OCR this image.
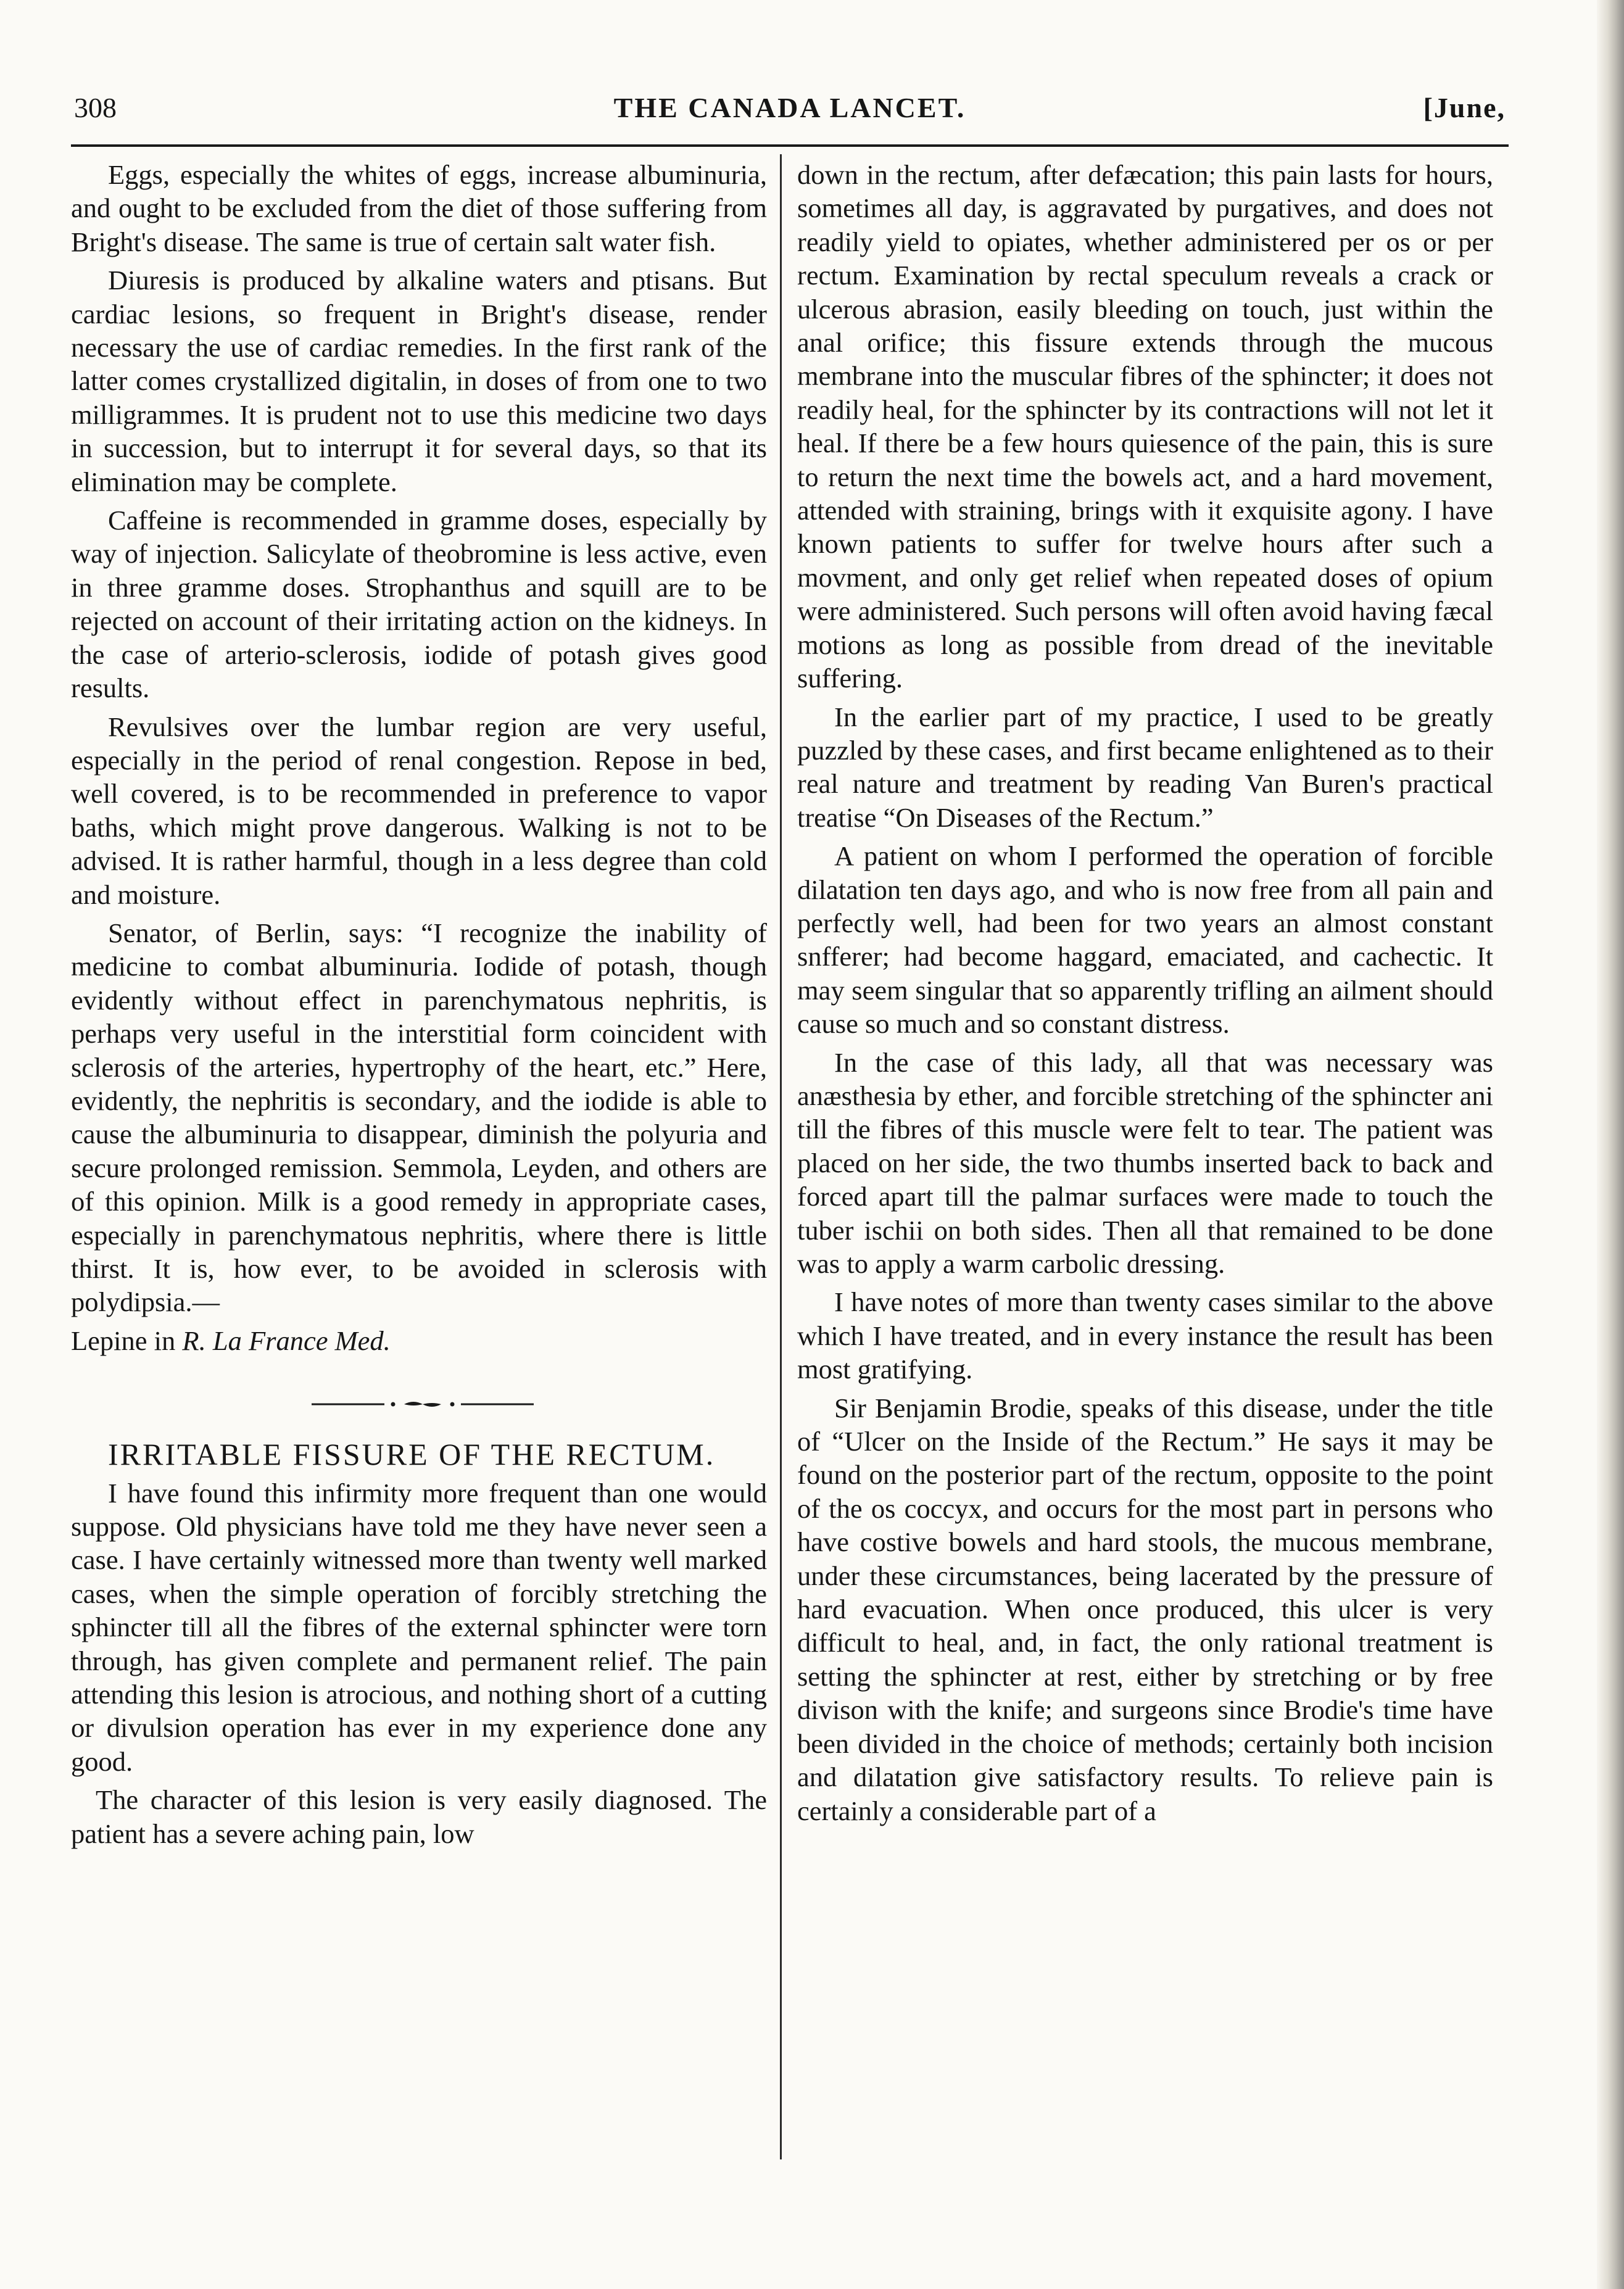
308	THE CANADA LANCET.	[June,

Eggs, especially the whites of eggs, increase albuminuria, and ought to be excluded from the diet of those suffering from Bright's disease. The same is true of certain salt water fish.

Diuresis is produced by alkaline waters and ptisans. But cardiac lesions, so frequent in Bright's disease, render necessary the use of cardiac remedies. In the first rank of the latter comes crystallized digitalin, in doses of from one to two milligrammes. It is prudent not to use this medicine two days in succession, but to interrupt it for several days, so that its elimination may be complete.

Caffeine is recommended in gramme doses, especially by way of injection. Salicylate of theobromine is less active, even in three gramme doses. Strophanthus and squill are to be rejected on account of their irritating action on the kidneys. In the case of arterio-sclerosis, iodide of potash gives good results.

Revulsives over the lumbar region are very useful, especially in the period of renal congestion. Repose in bed, well covered, is to be recommended in preference to vapor baths, which might prove dangerous. Walking is not to be advised. It is rather harmful, though in a less degree than cold and moisture.

Senator, of Berlin, says: “I recognize the inability of medicine to combat albuminuria. Iodide of potash, though evidently without effect in parenchymatous nephritis, is perhaps very useful in the interstitial form coincident with sclerosis of the arteries, hypertrophy of the heart, etc.” Here, evidently, the nephritis is secondary, and the iodide is able to cause the albuminuria to disappear, diminish the polyuria and secure prolonged remission. Semmola, Leyden, and others are of this opinion. Milk is a good remedy in appropriate cases, especially in parenchymatous nephritis, where there is little thirst. It is, how ever, to be avoided in sclerosis with polydipsia.—

Lepine in R. La France Med.

IRRITABLE FISSURE OF THE RECTUM.

I have found this infirmity more frequent than one would suppose. Old physicians have told me they have never seen a case. I have certainly witnessed more than twenty well marked cases, when the simple operation of forcibly stretching the sphincter till all the fibres of the external sphincter were torn through, has given complete and permanent relief. The pain attending this lesion is atrocious, and nothing short of a cutting or divulsion operation has ever in my experience done any good.

The character of this lesion is very easily diagnosed. The patient has a severe aching pain, low

down in the rectum, after defæcation; this pain lasts for hours, sometimes all day, is aggravated by purgatives, and does not readily yield to opiates, whether administered per os or per rectum. Examination by rectal speculum reveals a crack or ulcerous abrasion, easily bleeding on touch, just within the anal orifice; this fissure extends through the mucous membrane into the muscular fibres of the sphincter; it does not readily heal, for the sphincter by its contractions will not let it heal. If there be a few hours quiesence of the pain, this is sure to return the next time the bowels act, and a hard movement, attended with straining, brings with it exquisite agony. I have known patients to suffer for twelve hours after such a movment, and only get relief when repeated doses of opium were administered. Such persons will often avoid having fæcal motions as long as possible from dread of the inevitable suffering.

In the earlier part of my practice, I used to be greatly puzzled by these cases, and first became enlightened as to their real nature and treatment by reading Van Buren's practical treatise “On Diseases of the Rectum.”

A patient on whom I performed the operation of forcible dilatation ten days ago, and who is now free from all pain and perfectly well, had been for two years an almost constant snfferer; had become haggard, emaciated, and cachectic. It may seem singular that so apparently trifling an ailment should cause so much and so constant distress.

In the case of this lady, all that was necessary was anæsthesia by ether, and forcible stretching of the sphincter ani till the fibres of this muscle were felt to tear. The patient was placed on her side, the two thumbs inserted back to back and forced apart till the palmar surfaces were made to touch the tuber ischii on both sides. Then all that remained to be done was to apply a warm carbolic dressing.

I have notes of more than twenty cases similar to the above which I have treated, and in every instance the result has been most gratifying.

Sir Benjamin Brodie, speaks of this disease, under the title of “Ulcer on the Inside of the Rectum.” He says it may be found on the posterior part of the rectum, opposite to the point of the os coccyx, and occurs for the most part in persons who have costive bowels and hard stools, the mucous membrane, under these circumstances, being lacerated by the pressure of hard evacuation. When once produced, this ulcer is very difficult to heal, and, in fact, the only rational treatment is setting the sphincter at rest, either by stretching or by free divison with the knife; and surgeons since Brodie's time have been divided in the choice of methods; certainly both incision and dilatation give satisfactory results. To relieve pain is certainly a considerable part of a
